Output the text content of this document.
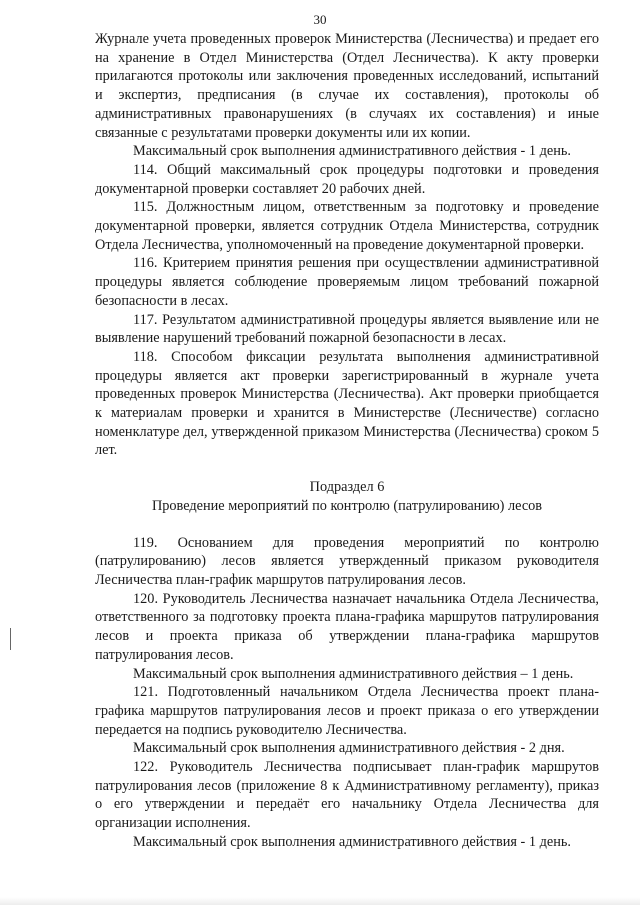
30

Журнале учета проведенных проверок Министерства (Лесничества) и предает его на хранение в Отдел Министерства (Отдел Лесничества). К акту проверки прилагаются протоколы или заключения проведенных исследований, испытаний и экспертиз, предписания (в случае их составления), протоколы об административных правонарушениях (в случаях их составления) и иные связанные с результатами проверки документы или их копии.

Максимальный срок выполнения административного действия - 1 день.

114. Общий максимальный срок процедуры подготовки и проведения документарной проверки составляет 20 рабочих дней.

115. Должностным лицом, ответственным за подготовку и проведение документарной проверки, является сотрудник Отдела Министерства, сотрудник Отдела Лесничества, уполномоченный на проведение документарной проверки.

116. Критерием принятия решения при осуществлении административной процедуры является соблюдение проверяемым лицом требований пожарной безопасности в лесах.

117. Результатом административной процедуры является выявление или не выявление нарушений требований пожарной безопасности в лесах.

118. Способом фиксации результата выполнения административной процедуры является акт проверки зарегистрированный в журнале учета проведенных проверок Министерства (Лесничества). Акт проверки приобщается к материалам проверки и хранится в Министерстве (Лесничестве) согласно номенклатуре дел, утвержденной приказом Министерства (Лесничества) сроком 5 лет.

Подраздел 6

Проведение мероприятий по контролю (патрулированию) лесов

119. Основанием для проведения мероприятий по контролю (патрулированию) лесов является утвержденный приказом руководителя Лесничества план-график маршрутов патрулирования лесов.

120. Руководитель Лесничества назначает начальника Отдела Лесничества, ответственного за подготовку проекта плана-графика маршрутов патрулирования лесов и проекта приказа об утверждении плана-графика маршрутов патрулирования лесов.

Максимальный срок выполнения административного действия – 1 день.

121. Подготовленный начальником Отдела Лесничества проект плана-графика маршрутов патрулирования лесов и проект приказа о его утверждении передается на подпись руководителю Лесничества.

Максимальный срок выполнения административного действия - 2 дня.

122. Руководитель Лесничества подписывает план-график маршрутов патрулирования лесов (приложение 8 к Административному регламенту), приказ о его утверждении и передаёт его начальнику Отдела Лесничества для организации исполнения.

Максимальный срок выполнения административного действия - 1 день.
